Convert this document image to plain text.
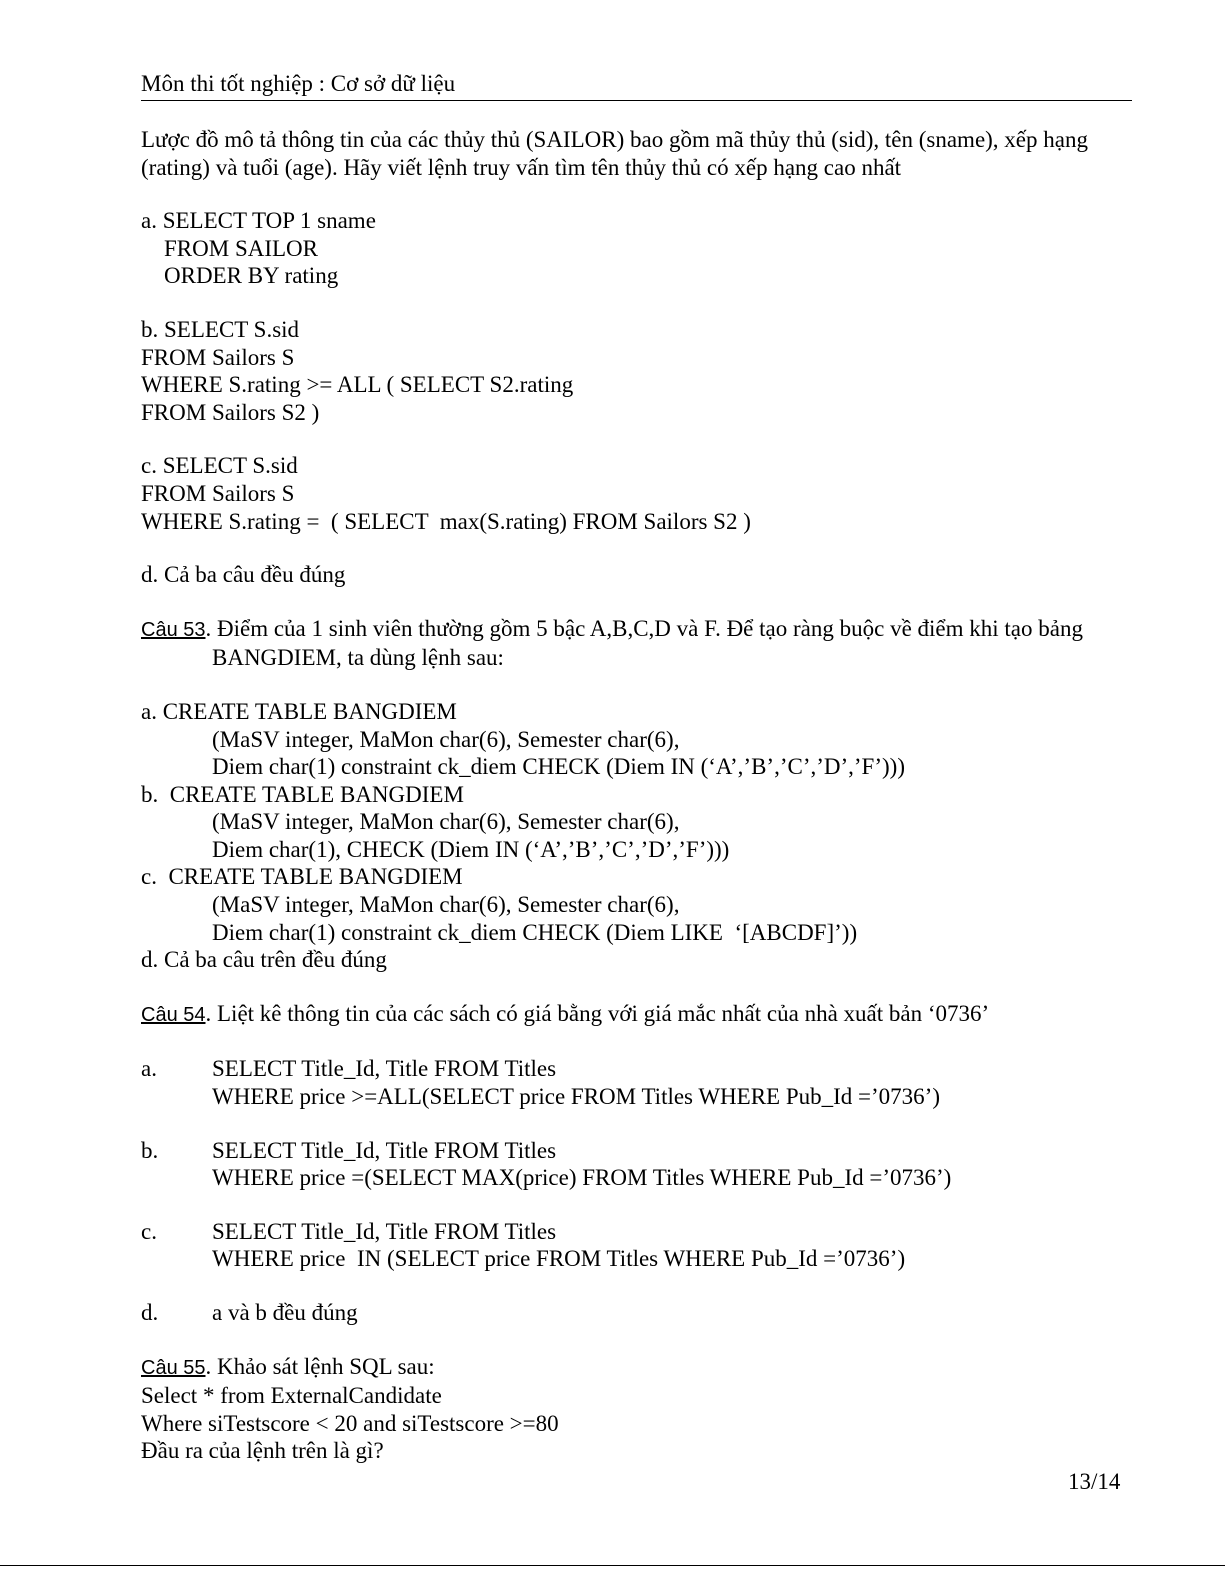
Môn thi tốt nghiệp : Cơ sở dữ liệu
Lược đồ mô tả thông tin của các thủy thủ (SAILOR) bao gồm mã thủy thủ (sid), tên (sname), xếp hạng (rating) và tuổi (age). Hãy viết lệnh truy vấn tìm tên thủy thủ có xếp hạng cao nhất
a. SELECT TOP 1 sname
FROM SAILOR
ORDER BY rating
b. SELECT S.sid
FROM Sailors S
WHERE S.rating >= ALL ( SELECT S2.rating
FROM Sailors S2 )
c. SELECT S.sid
FROM Sailors S
WHERE S.rating =  ( SELECT  max(S.rating) FROM Sailors S2 )
d. Cả ba câu đều đúng
Câu 53. Điểm của 1 sinh viên thường gồm 5 bậc A,B,C,D và F. Để tạo ràng buộc về điểm khi tạo bảng BANGDIEM, ta dùng lệnh sau:
a. CREATE TABLE BANGDIEM
(MaSV integer, MaMon char(6), Semester char(6),
Diem char(1) constraint ck_diem CHECK (Diem IN (‘A’,’B’,’C’,’D’,’F’)))
b.  CREATE TABLE BANGDIEM
(MaSV integer, MaMon char(6), Semester char(6),
Diem char(1), CHECK (Diem IN (‘A’,’B’,’C’,’D’,’F’)))
c.  CREATE TABLE BANGDIEM
(MaSV integer, MaMon char(6), Semester char(6),
Diem char(1) constraint ck_diem CHECK (Diem LIKE  ‘[ABCDF]’))
d. Cả ba câu trên đều đúng
Câu 54. Liệt kê thông tin của các sách có giá bằng với giá mắc nhất của nhà xuất bản ‘0736’
a.	SELECT Title_Id, Title FROM Titles
WHERE price >=ALL(SELECT price FROM Titles WHERE Pub_Id =’0736’)
b.	SELECT Title_Id, Title FROM Titles
WHERE price =(SELECT MAX(price) FROM Titles WHERE Pub_Id =’0736’)
c.	SELECT Title_Id, Title FROM Titles
WHERE price  IN (SELECT price FROM Titles WHERE Pub_Id =’0736’)
d.	a và b đều đúng
Câu 55. Khảo sát lệnh SQL sau:
Select * from ExternalCandidate
Where siTestscore < 20 and siTestscore >=80
Đầu ra của lệnh trên là gì?
13/14
